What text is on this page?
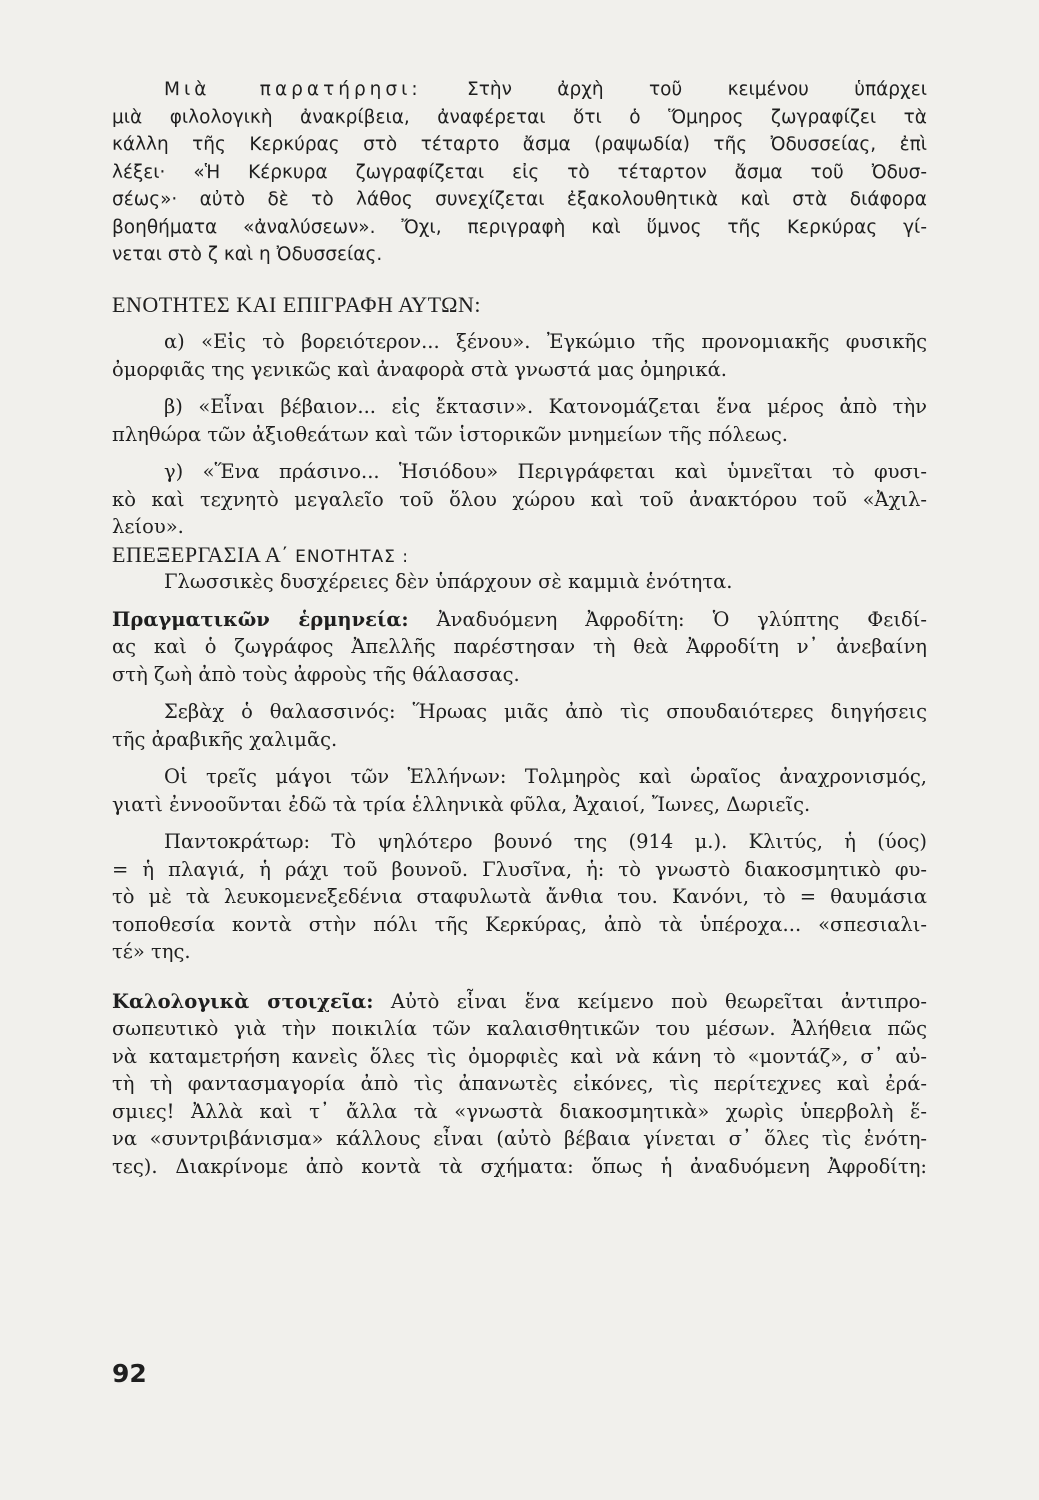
Μιὰ παρατήρησι: Στὴν ἀρχὴ τοῦ κειμένου ὑπάρχει
μιὰ φιλολογικὴ ἀνακρίβεια, ἀναφέρεται ὅτι ὁ Ὅμηρος ζωγραφίζει τὰ
κάλλη τῆς Κερκύρας στὸ τέταρτο ἄσμα (ραψωδία) τῆς Ὀδυσσείας, ἐπὶ
λέξει· «Ἡ Κέρκυρα ζωγραφίζεται εἰς τὸ τέταρτον ἄσμα τοῦ Ὀδυσ-
σέως»· αὐτὸ δὲ τὸ λάθος συνεχίζεται ἐξακολουθητικὰ καὶ στὰ διάφορα
βοηθήματα «ἀναλύσεων». Ὄχι, περιγραφὴ καὶ ὕμνος τῆς Κερκύρας γί-
νεται στὸ ζ καὶ η Ὀδυσσείας.
ΕΝΟΤΗΤΕΣ ΚΑΙ ΕΠΙΓΡΑΦΗ ΑΥΤΩΝ:
α) «Εἰς τὸ βορειότερον... ξένου». Ἐγκώμιο τῆς προνομιακῆς φυσικῆς
ὀμορφιᾶς της γενικῶς καὶ ἀναφορὰ στὰ γνωστά μας ὀμηρικά.
β) «Εἶναι βέβαιον... εἰς ἔκτασιν». Κατονομάζεται ἕνα μέρος ἀπὸ τὴν
πληθώρα τῶν ἀξιοθεάτων καὶ τῶν ἱστορικῶν μνημείων τῆς πόλεως.
γ) «Ἕνα πράσινο... Ἡσιόδου» Περιγράφεται καὶ ὑμνεῖται τὸ φυσι-
κὸ καὶ τεχνητὸ μεγαλεῖο τοῦ ὅλου χώρου καὶ τοῦ ἀνακτόρου τοῦ «Ἀχιλ-
λείου».
ΕΠΕΞΕΡΓΑΣΙΑ Α΄ ΕΝΟΤΗΤΑΣ :
Γλωσσικὲς δυσχέρειες δὲν ὑπάρχουν σὲ καμμιὰ ἑνότητα.
Πραγματικῶν ἑρμηνεία: Ἀναδυόμενη Ἀφροδίτη: Ὁ γλύπτης Φειδί-
ας καὶ ὁ ζωγράφος Ἀπελλῆς παρέστησαν τὴ θεὰ Ἀφροδίτη ν᾽ ἀνεβαίνη
στὴ ζωὴ ἀπὸ τοὺς ἀφροὺς τῆς θάλασσας.
Σεβὰχ ὁ θαλασσινός: Ἥρωας μιᾶς ἀπὸ τὶς σπουδαιότερες διηγήσεις
τῆς ἀραβικῆς χαλιμᾶς.
Οἱ τρεῖς μάγοι τῶν Ἑλλήνων: Τολμηρὸς καὶ ὡραῖος ἀναχρονισμός,
γιατὶ ἐννοοῦνται ἐδῶ τὰ τρία ἑλληνικὰ φῦλα, Ἀχαιοί, Ἴωνες, Δωριεῖς.
Παντοκράτωρ: Τὸ ψηλότερο βουνό της (914 μ.). Κλιτύς, ἡ (ύος)
= ἡ πλαγιά, ἡ ράχι τοῦ βουνοῦ. Γλυσῖνα, ἡ: τὸ γνωστὸ διακοσμητικὸ φυ-
τὸ μὲ τὰ λευκομενεξεδένια σταφυλωτὰ ἄνθια του. Κανόνι, τὸ = θαυμάσια
τοποθεσία κοντὰ στὴν πόλι τῆς Κερκύρας, ἀπὸ τὰ ὑπέροχα... «σπεσιαλι-
τέ» της.
Καλολογικὰ στοιχεῖα: Αὐτὸ εἶναι ἕνα κείμενο ποὺ θεωρεῖται ἀντιπρο-
σωπευτικὸ γιὰ τὴν ποικιλία τῶν καλαισθητικῶν του μέσων. Ἀλήθεια πῶς
νὰ καταμετρήση κανεὶς ὅλες τὶς ὀμορφιὲς καὶ νὰ κάνη τὸ «μοντάζ», σ᾽ αὐ-
τὴ τὴ φαντασμαγορία ἀπὸ τὶς ἀπανωτὲς εἰκόνες, τὶς περίτεχνες καὶ ἐρά-
σμιες! Ἀλλὰ καὶ τ᾽ ἄλλα τὰ «γνωστὰ διακοσμητικὰ» χωρὶς ὑπερβολὴ ἕ-
να «συντριβάνισμα» κάλλους εἶναι (αὐτὸ βέβαια γίνεται σ᾽ ὅλες τὶς ἑνότη-
τες). Διακρίνομε ἀπὸ κοντὰ τὰ σχήματα: ὅπως ἡ ἀναδυόμενη Ἀφροδίτη:
92
